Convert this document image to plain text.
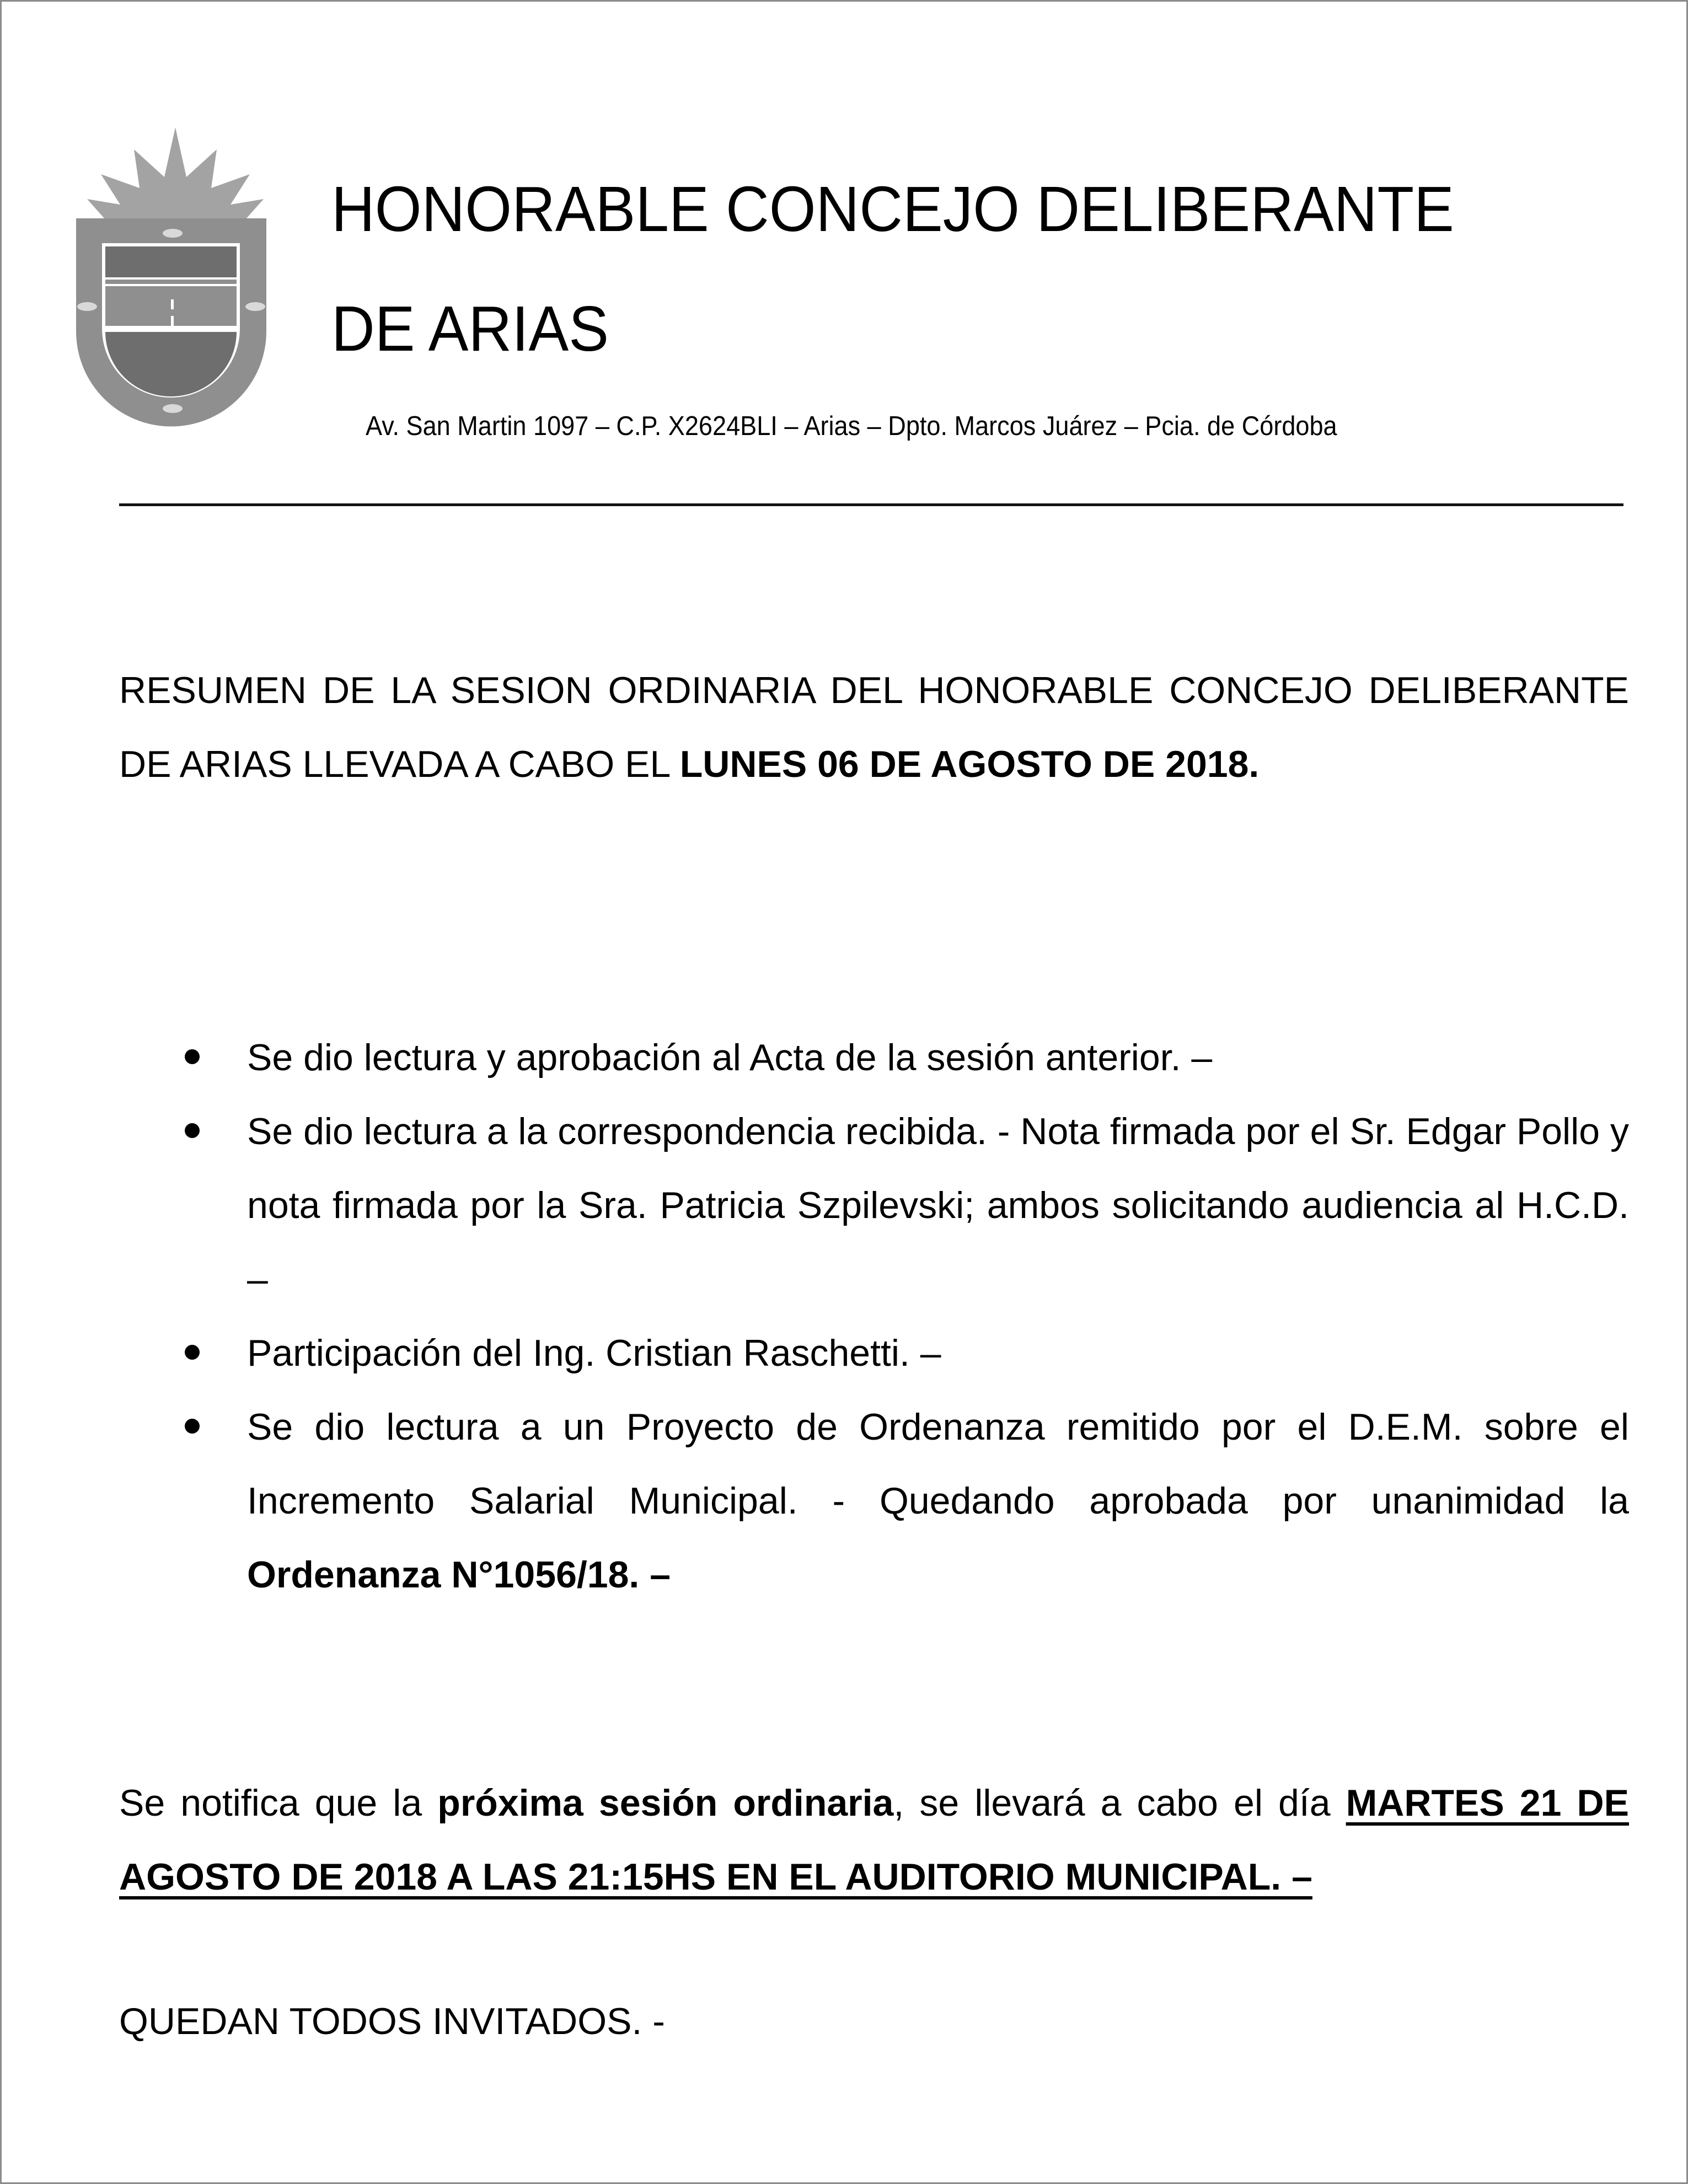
HONORABLE CONCEJO DELIBERANTE
DE ARIAS
Av. San Martin 1097 – C.P. X2624BLI – Arias – Dpto. Marcos Juárez – Pcia. de Córdoba
RESUMEN DE LA SESION ORDINARIA DEL HONORABLE CONCEJO DELIBERANTE DE ARIAS LLEVADA A CABO EL LUNES 06 DE AGOSTO DE 2018.
Se dio lectura y aprobación al Acta de la sesión anterior. –
Se dio lectura a la correspondencia recibida. - Nota firmada por el Sr. Edgar Pollo y nota firmada por la Sra. Patricia Szpilevski; ambos solicitando audiencia al H.C.D. –
Participación del Ing. Cristian Raschetti. –
Se dio lectura a un Proyecto de Ordenanza remitido por el D.E.M. sobre el Incremento Salarial Municipal. - Quedando aprobada por unanimidad la Ordenanza N°1056/18. –
Se notifica que la próxima sesión ordinaria, se llevará a cabo el día MARTES 21 DE AGOSTO DE 2018 A LAS 21:15HS EN EL AUDITORIO MUNICIPAL. –
QUEDAN TODOS INVITADOS. -
